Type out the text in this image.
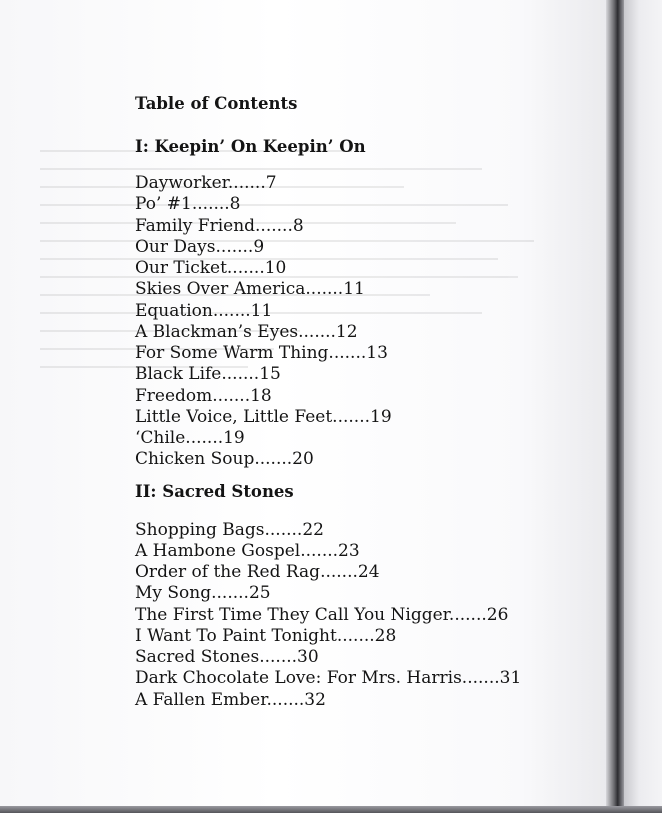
Table of Contents
I: Keepin’ On Keepin’ On
Dayworker.......7
Po’ #1.......8
Family Friend.......8
Our Days.......9
Our Ticket.......10
Skies Over America.......11
Equation.......11
A Blackman’s Eyes.......12
For Some Warm Thing.......13
Black Life.......15
Freedom.......18
Little Voice, Little Feet.......19
‘Chile.......19
Chicken Soup.......20
II: Sacred Stones
Shopping Bags.......22
A Hambone Gospel.......23
Order of the Red Rag.......24
My Song.......25
The First Time They Call You Nigger.......26
I Want To Paint Tonight.......28
Sacred Stones.......30
Dark Chocolate Love: For Mrs. Harris.......31
A Fallen Ember.......32
